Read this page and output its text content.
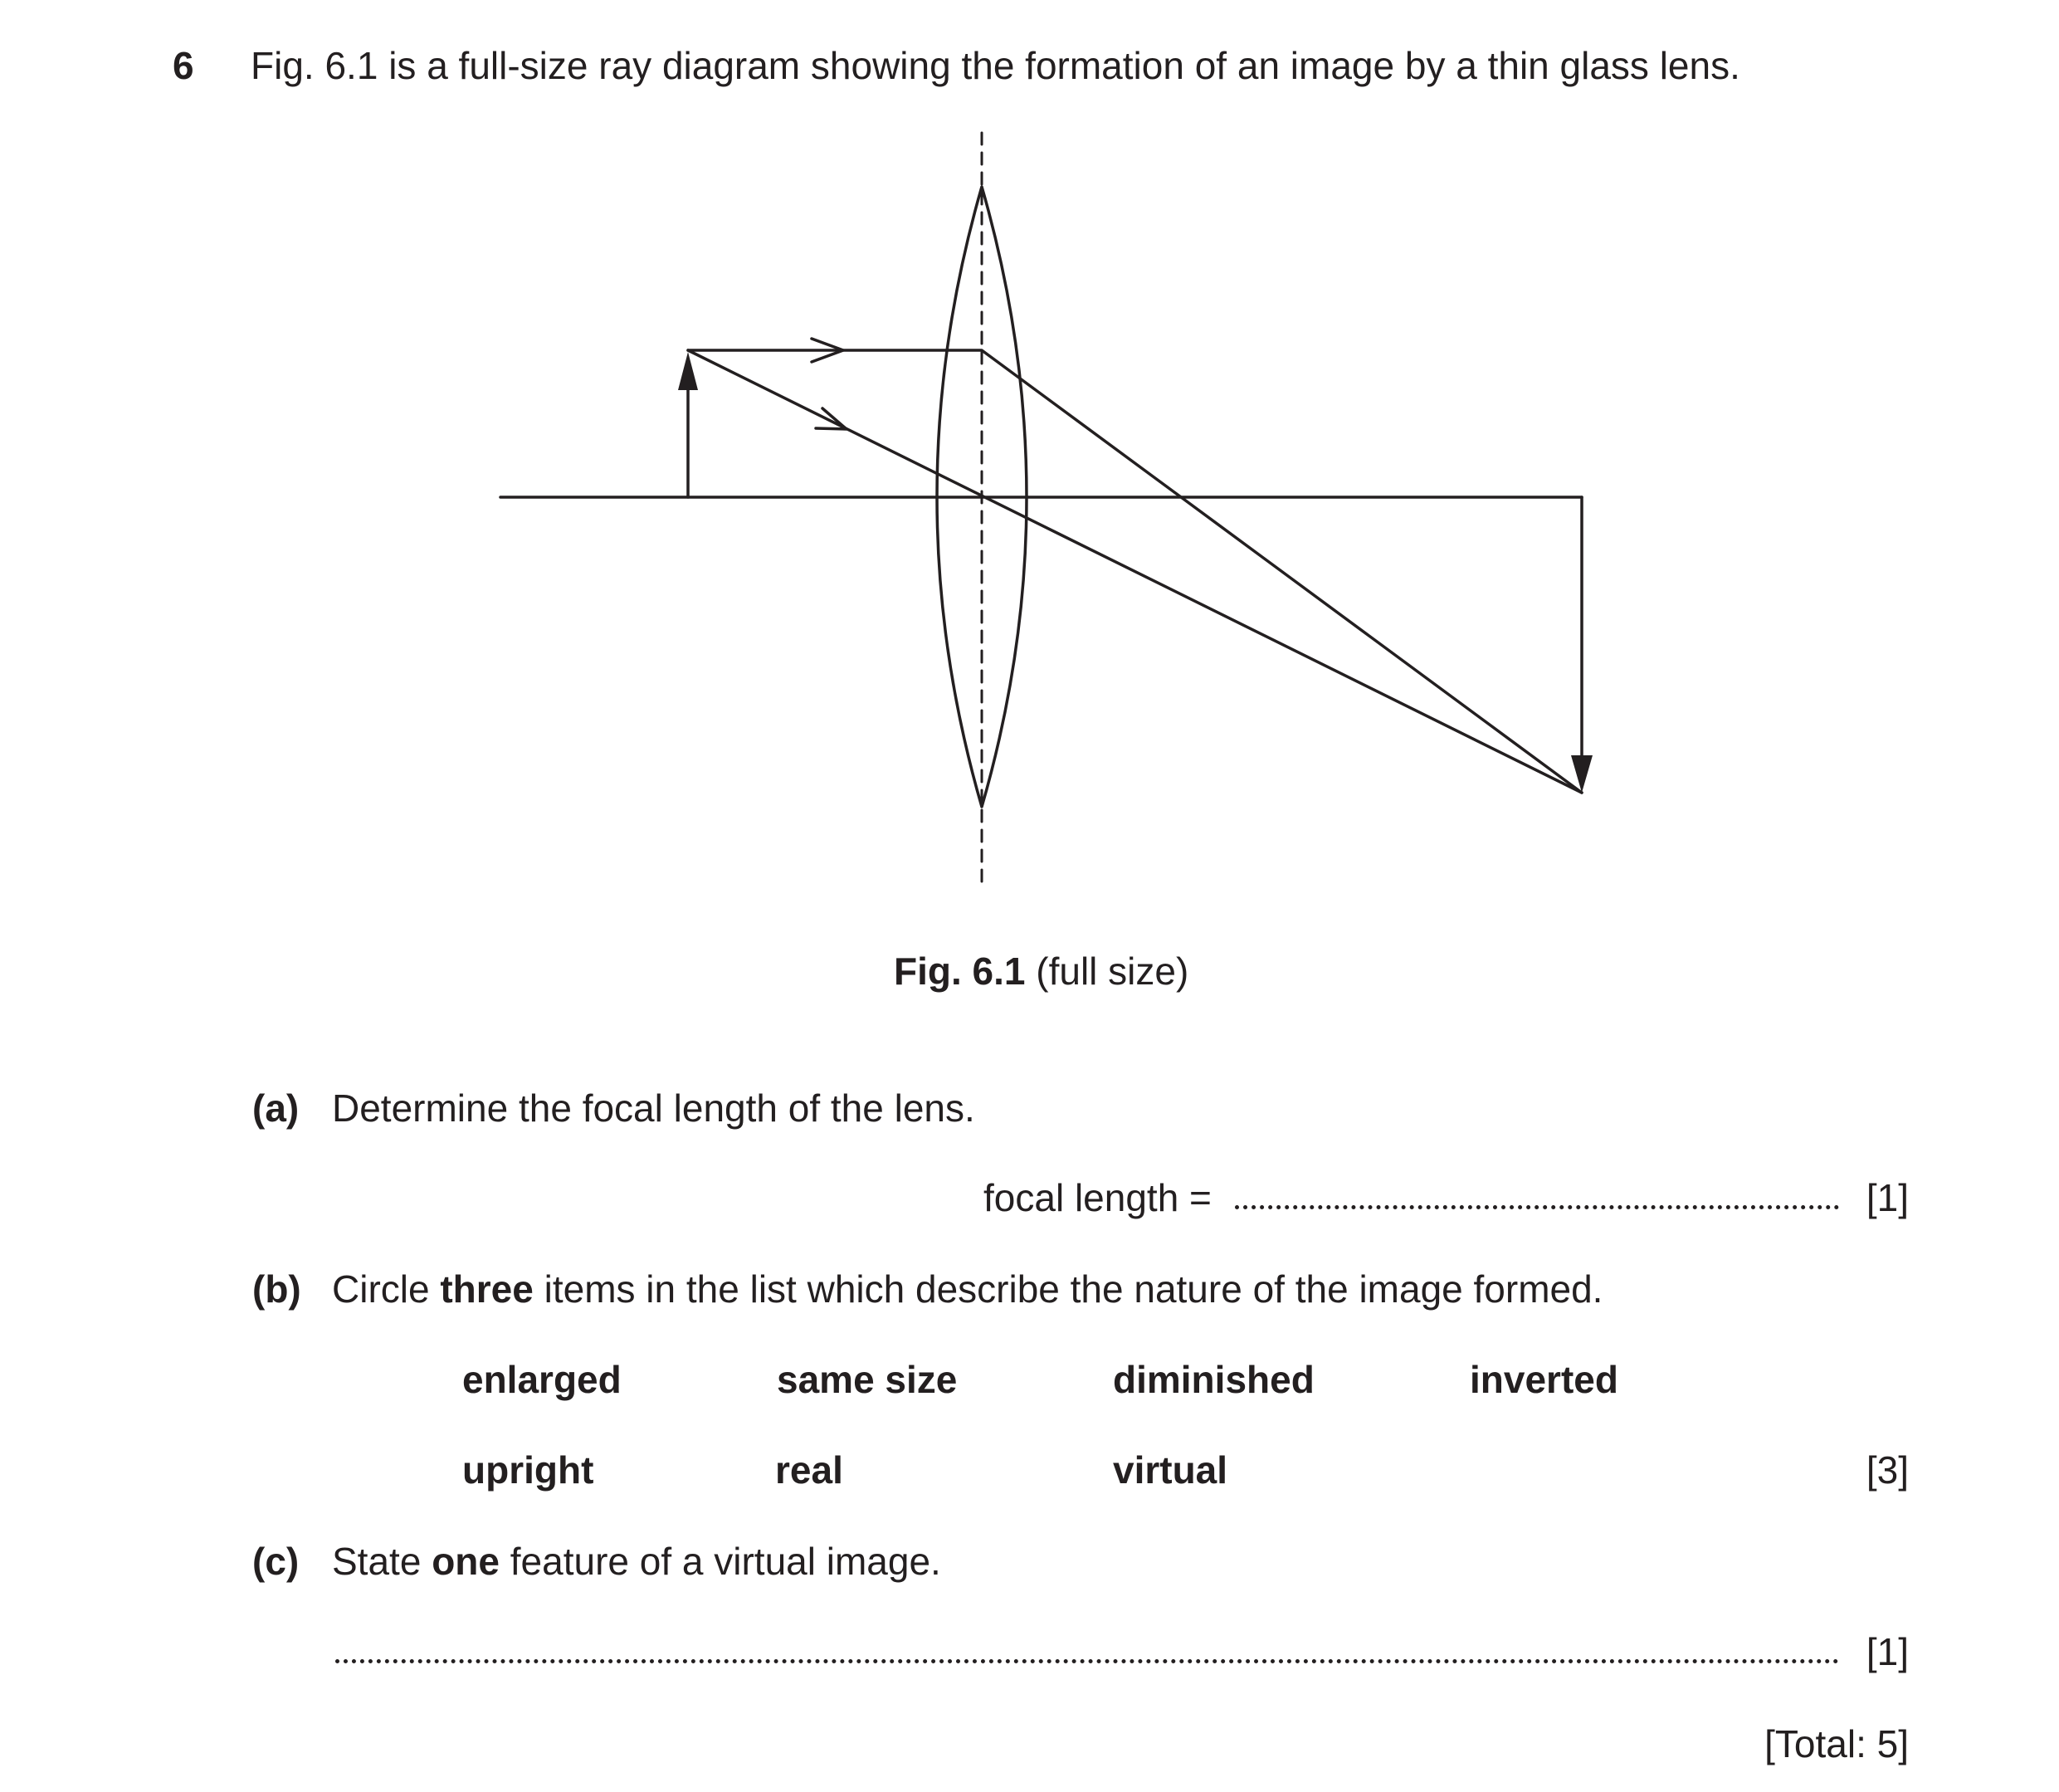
6 Fig. 6.1 is a full-size ray diagram showing the formation of an image by a thin glass lens.
Fig. 6.1 (full size)
(a) Determine the focal length of the lens.
focal length =	[1]
(b) Circle three items in the list which describe the nature of the image formed.
enlarged	same size	diminished	inverted
upright	real	virtual	[3]
(c) State one feature of a virtual image.
[1]
[Total: 5]
